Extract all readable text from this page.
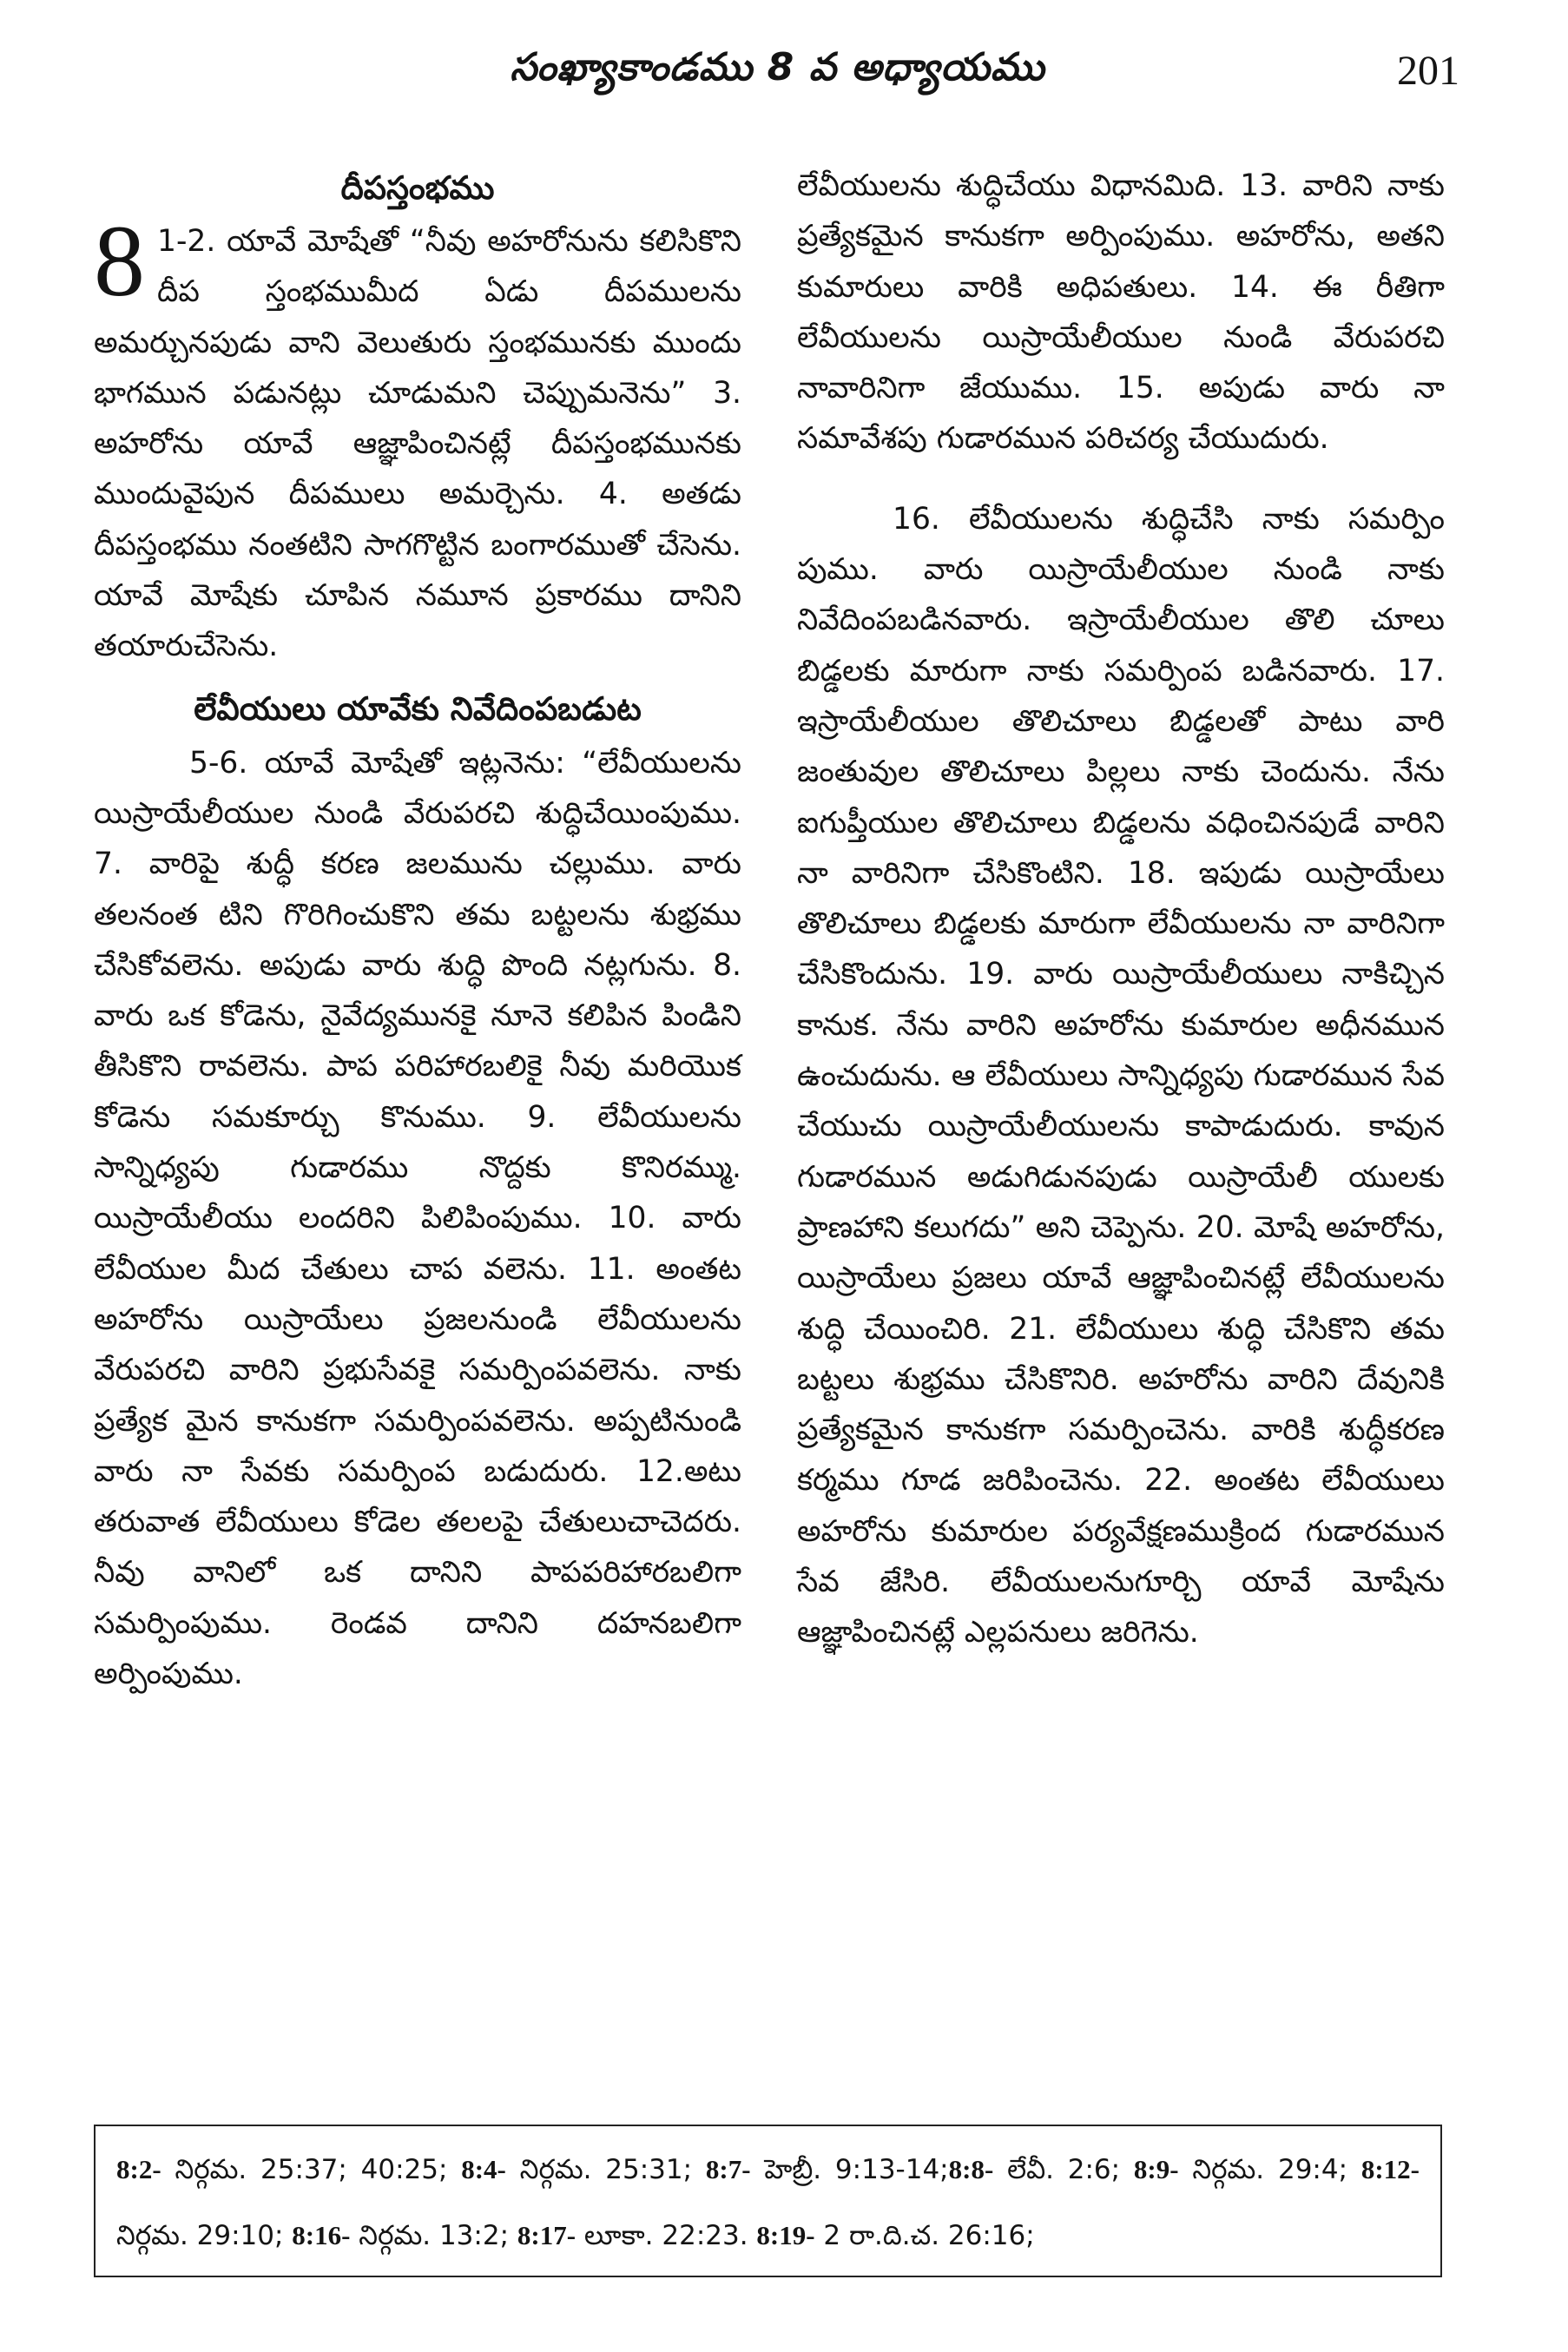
సంఖ్యాకాండము 8 వ అధ్యాయము	201
దీపస్తంభము

8 1-2. యావే మోషేతో “నీవు అహరోనును కలిసికొని దీప స్తంభముమీద ఏడు దీపములను అమర్చునపుడు వాని వెలుతురు స్తంభమునకు ముందు భాగమున పడునట్లు చూడుమని చెప్పుమనెను” 3. అహరోను యావే ఆజ్ఞాపించినట్లే దీపస్తంభమునకు ముందువైపున దీపములు అమర్చెను. 4. అతడు దీపస్తంభము నంతటిని సాగగొట్టిన బంగారముతో చేసెను. యావే మోషేకు చూపిన నమూన ప్రకారము దానిని తయారుచేసెను.

లేవీయులు యావేకు నివేదింపబడుట

5-6. యావే మోషేతో ఇట్లనెను: “లేవీయులను యిస్రాయేలీయుల నుండి వేరుపరచి శుద్ధిచేయింపుము. 7. వారిపై శుద్ధీ కరణ జలమును చల్లుము. వారు తలనంత టిని గొరిగించుకొని తమ బట్టలను శుభ్రము చేసికోవలెను. అపుడు వారు శుద్ధి పొంది నట్లగును. 8. వారు ఒక కోడెను, నైవేద్యమునకై నూనె కలిపిన పిండిని తీసికొని రావలెను. పాప పరిహారబలికై నీవు మరియొక కోడెను సమకూర్చు కొనుము. 9. లేవీయులను సాన్నిధ్యపు గుడారము నొద్దకు కొనిరమ్ము. యిస్రాయేలీయు లందరిని పిలిపింపుము. 10. వారు లేవీయుల మీద చేతులు చాప వలెను. 11. అంతట అహరోను యిస్రాయేలు ప్రజలనుండి లేవీయులను వేరుపరచి వారిని ప్రభుసేవకై సమర్పింపవలెను. నాకు ప్రత్యేక మైన కానుకగా సమర్పింపవలెను. అప్పటినుండి వారు నా సేవకు సమర్పింప బడుదురు. 12.అటు తరువాత లేవీయులు కోడెల తలలపై చేతులుచాచెదరు. నీవు వానిలో ఒక దానిని పాపపరిహారబలిగా సమర్పింపుము. రెండవ దానిని దహనబలిగా అర్పింపుము.

లేవీయులను శుద్ధిచేయు విధానమిది. 13. వారిని నాకు ప్రత్యేకమైన కానుకగా అర్పింపుము. అహరోను, అతని కుమారులు వారికి అధిపతులు. 14. ఈ రీతిగా లేవీయులను యిస్రాయేలీయుల నుండి వేరుపరచి నావారినిగా జేయుము. 15. అపుడు వారు నా సమావేశపు గుడారమున పరిచర్య చేయుదురు.

16. లేవీయులను శుద్ధిచేసి నాకు సమర్పిం పుము. వారు యిస్రాయేలీయుల నుండి నాకు నివేదింపబడినవారు. ఇస్రాయేలీయుల తొలి చూలు బిడ్డలకు మారుగా నాకు సమర్పింప బడినవారు. 17. ఇస్రాయేలీయుల తొలిచూలు బిడ్డలతో పాటు వారి జంతువుల తొలిచూలు పిల్లలు నాకు చెందును. నేను ఐగుప్తీయుల తొలిచూలు బిడ్డలను వధించినపుడే వారిని నా వారినిగా చేసికొంటిని. 18. ఇపుడు యిస్రాయేలు తొలిచూలు బిడ్డలకు మారుగా లేవీయులను నా వారినిగా చేసికొందును. 19. వారు యిస్రాయేలీయులు నాకిచ్చిన కానుక. నేను వారిని అహరోను కుమారుల అధీనమున ఉంచుదును. ఆ లేవీయులు సాన్నిధ్యపు గుడారమున సేవ చేయుచు యిస్రాయేలీయులను కాపాడుదురు. కావున గుడారమున అడుగిడునపుడు యిస్రాయేలీ యులకు ప్రాణహాని కలుగదు” అని చెప్పెను. 20. మోషే అహరోను, యిస్రాయేలు ప్రజలు యావే ఆజ్ఞాపించినట్లే లేవీయులను శుద్ధి చేయించిరి. 21. లేవీయులు శుద్ధి చేసికొని తమ బట్టలు శుభ్రము చేసికొనిరి. అహరోను వారిని దేవునికి ప్రత్యేకమైన కానుకగా సమర్పించెను. వారికి శుద్ధీకరణ కర్మము గూడ జరిపించెను. 22. అంతట లేవీయులు అహరోను కుమారుల పర్యవేక్షణముక్రింద గుడారమున సేవ జేసిరి. లేవీయులనుగూర్చి యావే మోషేను ఆజ్ఞాపించినట్లే ఎల్లపనులు జరిగెను.

8:2- నిర్గమ. 25:37; 40:25; 8:4- నిర్గమ. 25:31; 8:7- హెబ్రీ. 9:13-14;8:8- లేవీ. 2:6; 8:9- నిర్గమ. 29:4; 8:12- నిర్గమ. 29:10; 8:16- నిర్గమ. 13:2; 8:17- లూకా. 22:23. 8:19- 2 రా.ది.చ. 26:16;
